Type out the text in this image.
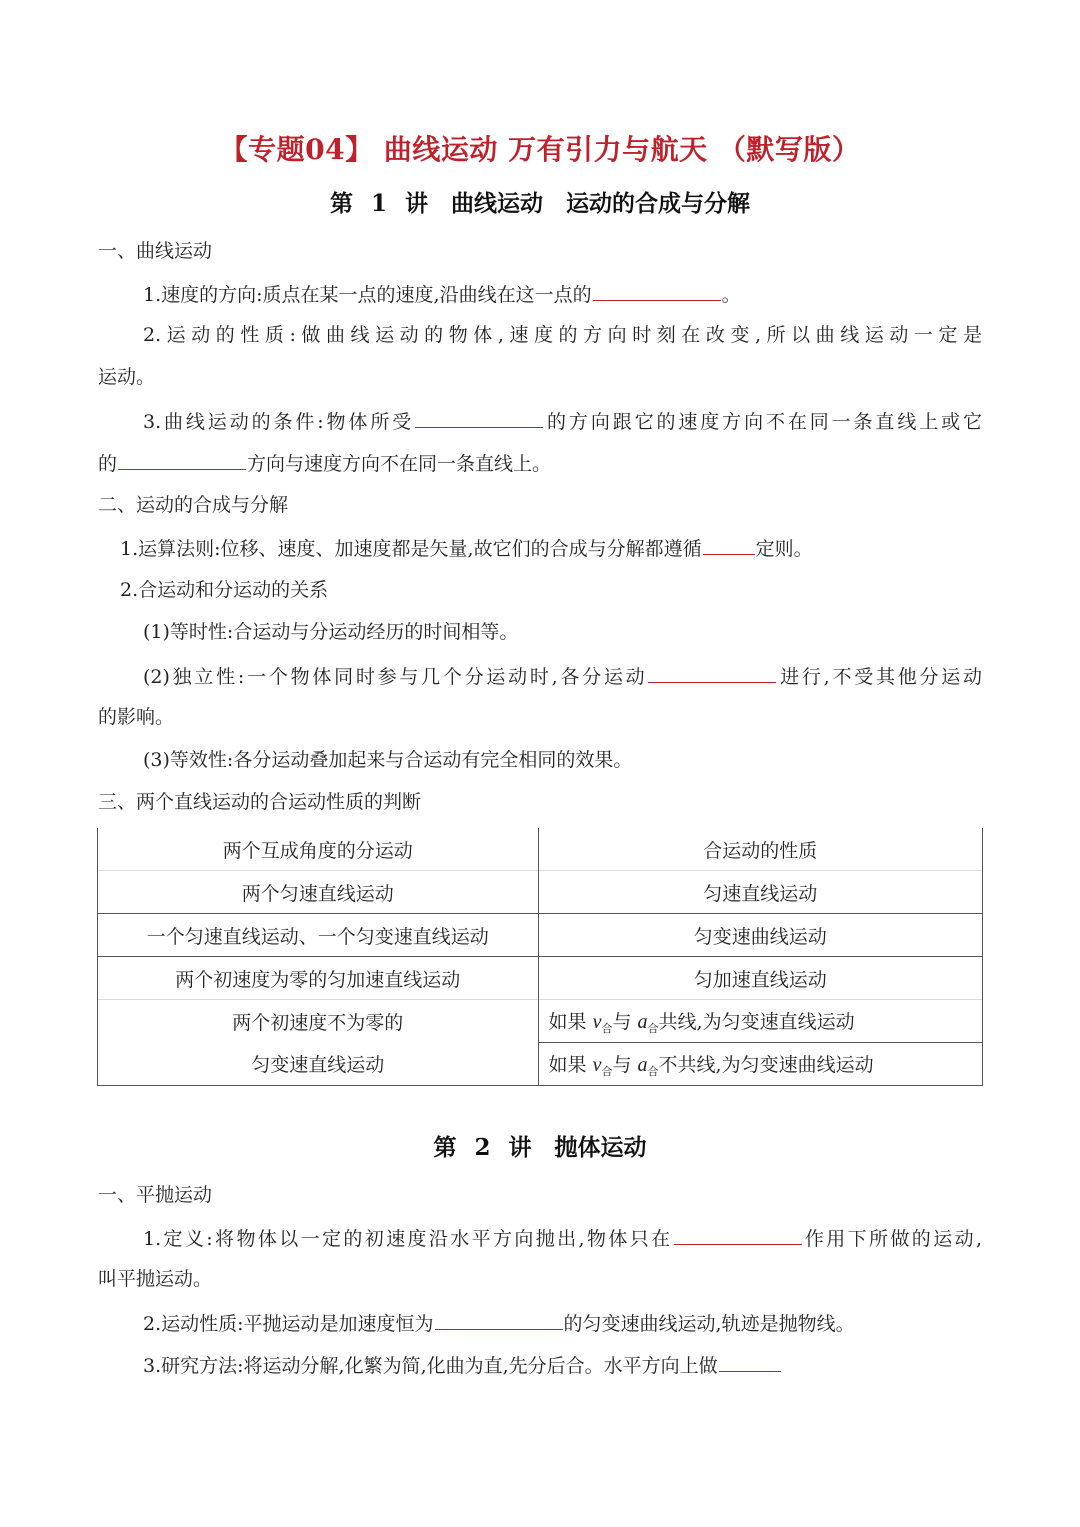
【专题04】 曲线运动 万有引力与航天 （默写版）
第 1 讲　曲线运动　运动的合成与分解
一、曲线运动
1.速度的方向:质点在某一点的速度,沿曲线在这一点的	。
2.运动的性质:做曲线运动的物体,速度的方向时刻在改变,所以曲线运动一定是
运动。
3.曲线运动的条件:物体所受	的方向跟它的速度方向不在同一条直线上或它
的	方向与速度方向不在同一条直线上。
二、运动的合成与分解
1.运算法则:位移、速度、加速度都是矢量,故它们的合成与分解都遵循	定则。
2.合运动和分运动的关系
(1)等时性:合运动与分运动经历的时间相等。
(2)独立性:一个物体同时参与几个分运动时,各分运动	进行,不受其他分运动
的影响。
(3)等效性:各分运动叠加起来与合运动有完全相同的效果。
三、两个直线运动的合运动性质的判断
两个互成角度的分运动	合运动的性质
两个匀速直线运动	匀速直线运动
一个匀速直线运动、一个匀变速直线运动	匀变速曲线运动
两个初速度为零的匀加速直线运动	匀加速直线运动
两个初速度不为零的	如果 $v_合$与 $a_合$共线,为匀变速直线运动
匀变速直线运动	如果 $v_合$与 $a_合$不共线,为匀变速曲线运动
第 2 讲　抛体运动
一、平抛运动
1.定义:将物体以一定的初速度沿水平方向抛出,物体只在	作用下所做的运动,
叫平抛运动。
2.运动性质:平抛运动是加速度恒为	的匀变速曲线运动,轨迹是抛物线。
3.研究方法:将运动分解,化繁为简,化曲为直,先分后合。水平方向上做
